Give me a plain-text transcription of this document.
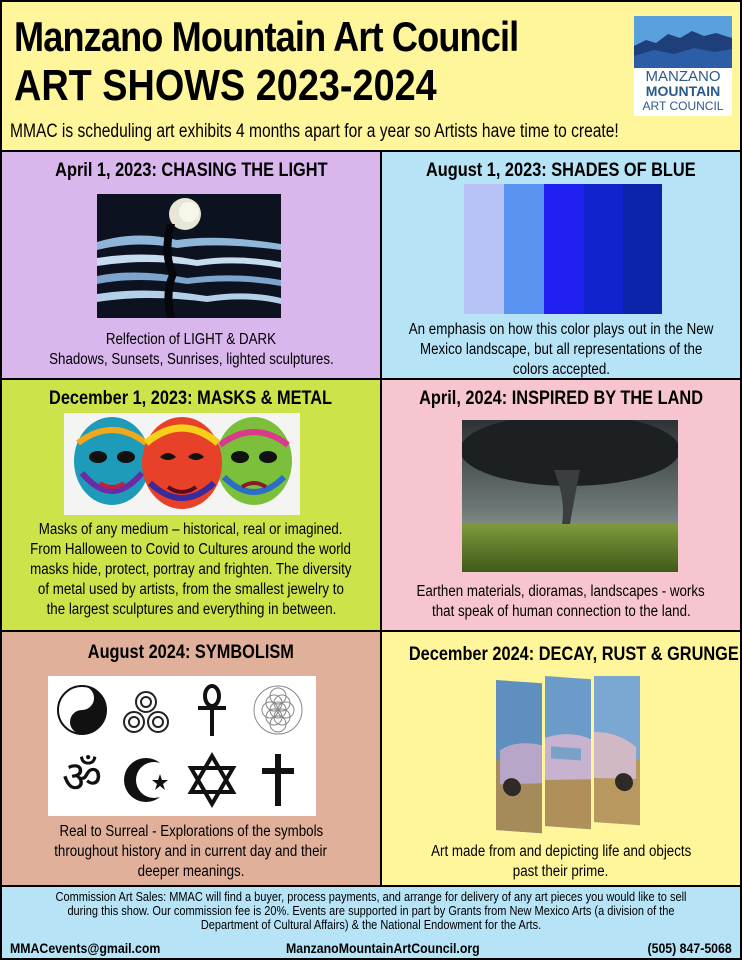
Manzano Mountain Art Council
ART SHOWS 2023-2024
MMAC is scheduling art exhibits 4 months apart for a year so Artists have time to create!
MANZANO
MOUNTAIN
ART COUNCIL
April 1, 2023: CHASING THE LIGHT
Relfection of LIGHT & DARK
Shadows, Sunsets, Sunrises, lighted sculptures.
August 1, 2023: SHADES OF BLUE
An emphasis on how this color plays out in the New
Mexico landscape, but all representations of the
colors accepted.
December 1, 2023: MASKS & METAL
Masks of any medium – historical, real or imagined.
From Halloween to Covid to Cultures around the world
masks hide, protect, portray and frighten. The diversity
of metal used by artists, from the smallest jewelry to
the largest sculptures and everything in between.
April, 2024: INSPIRED BY THE LAND
Earthen materials, dioramas, landscapes - works
that speak of human connection to the land.
August 2024: SYMBOLISM
ॐ
Real to Surreal - Explorations of the symbols
throughout history and in current day and their
deeper meanings.
December 2024: DECAY, RUST & GRUNGE
Art made from and depicting life and objects
past their prime.
Commission Art Sales: MMAC will find a buyer, process payments, and arrange for delivery of any art pieces you would like to sell during this show. Our commission fee is 20%. Events are supported in part by Grants from New Mexico Arts (a division of the Department of Cultural Affairs) & the National Endowment for the Arts.
MMACevents@gmail.com	ManzanoMountainArtCouncil.org	(505) 847-5068
